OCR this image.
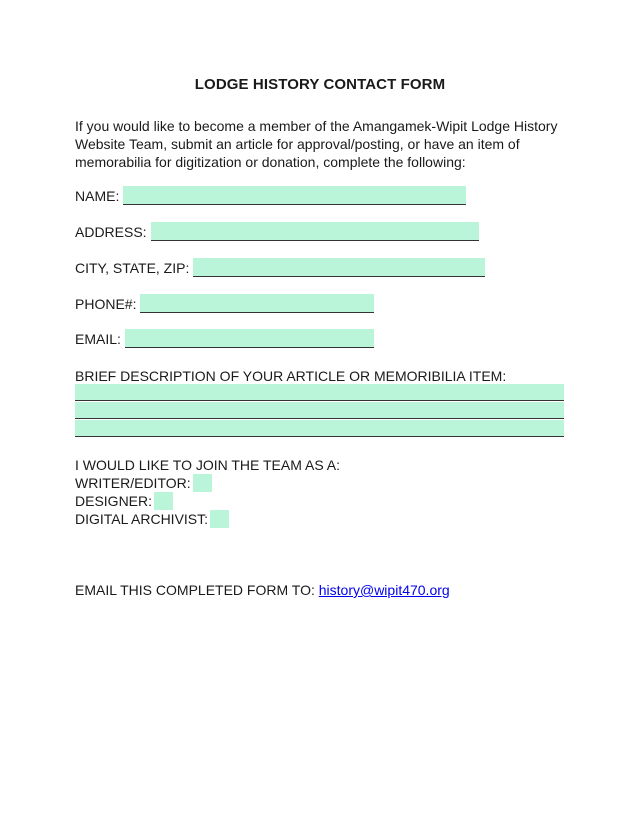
LODGE HISTORY CONTACT FORM
If you would like to become a member of the Amangamek-Wipit Lodge History Website Team, submit an article for approval/posting, or have an item of memorabilia for digitization or donation, complete the following:
NAME:
ADDRESS:
CITY, STATE, ZIP:
PHONE#:
EMAIL:
BRIEF DESCRIPTION OF YOUR ARTICLE OR MEMORIBILIA ITEM:
I WOULD LIKE TO JOIN THE TEAM AS A:
WRITER/EDITOR:
DESIGNER:
DIGITAL ARCHIVIST:
EMAIL THIS COMPLETED FORM TO: history@wipit470.org
